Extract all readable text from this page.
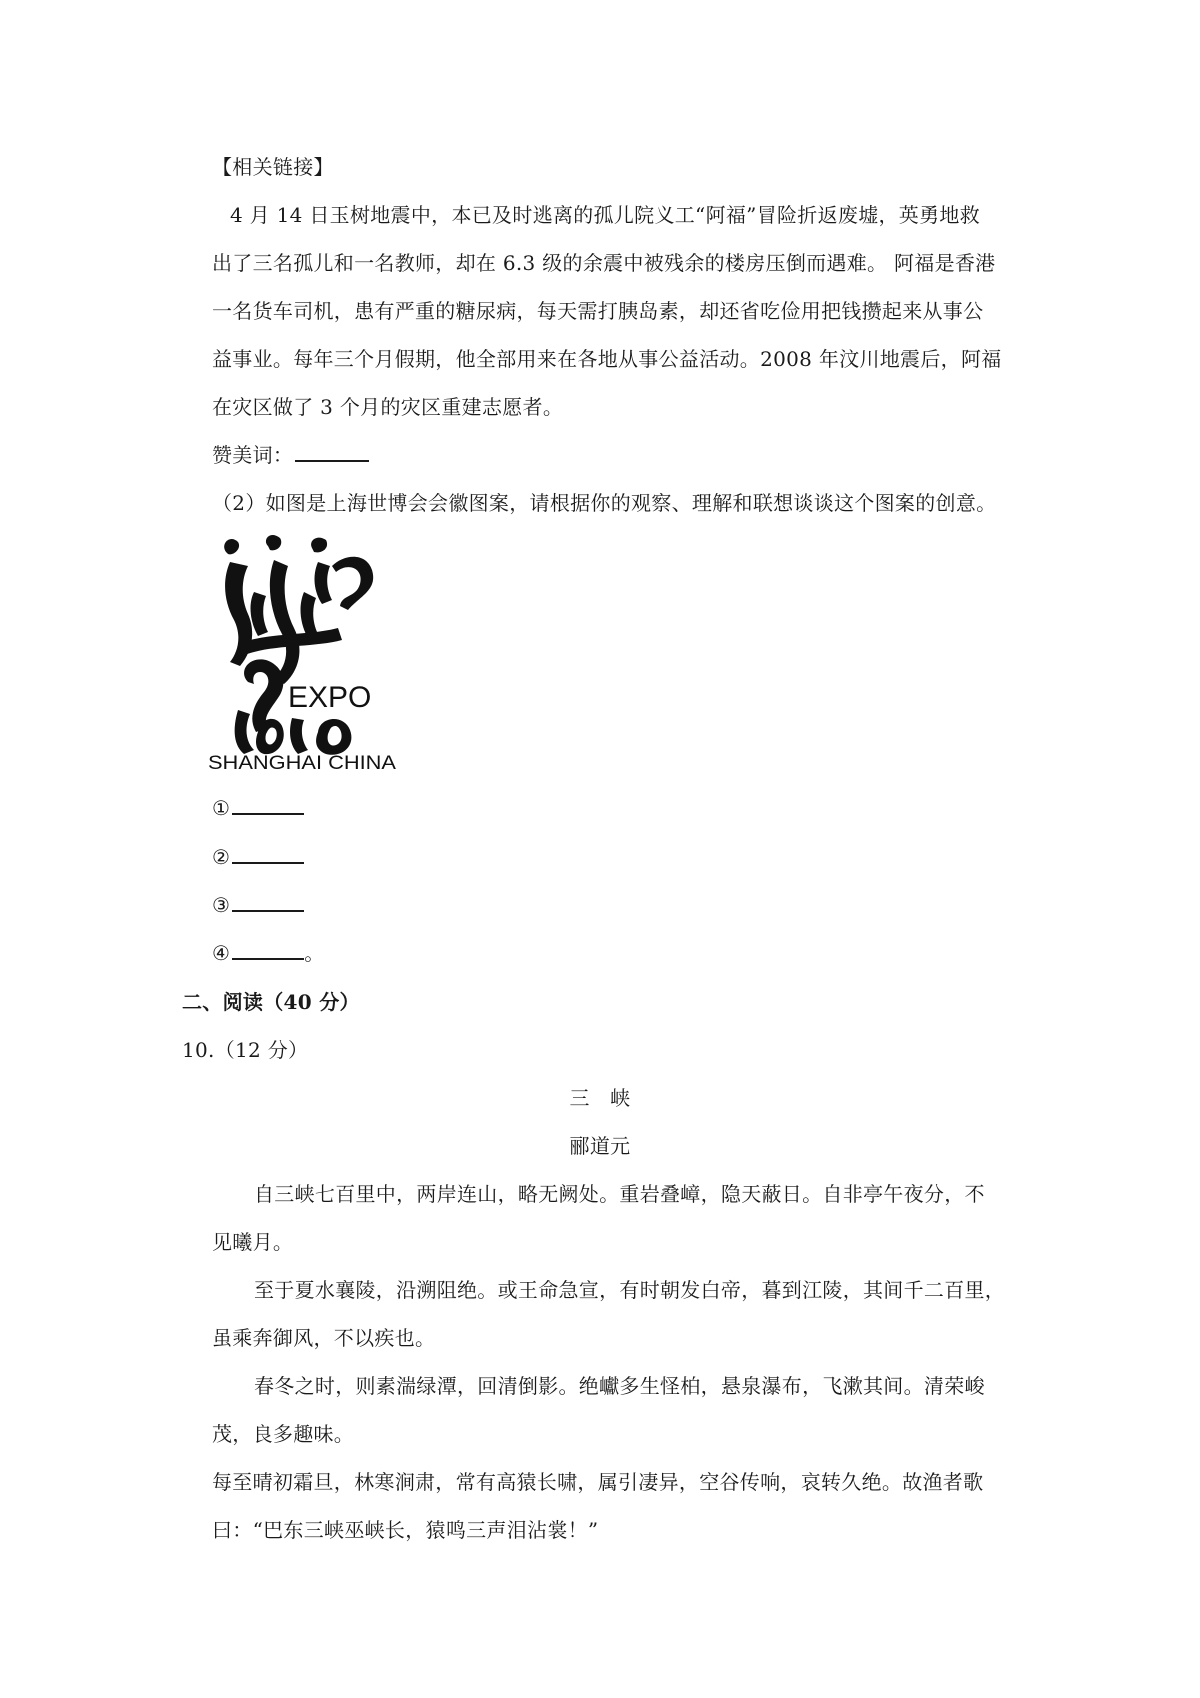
【相关链接】
4 月 14 日玉树地震中，本已及时逃离的孤儿院义工“阿福”冒险折返废墟，英勇地救
出了三名孤儿和一名教师，却在 6.3 级的余震中被残余的楼房压倒而遇难。 阿福是香港
一名货车司机，患有严重的糖尿病，每天需打胰岛素，却还省吃俭用把钱攒起来从事公
益事业。每年三个月假期，他全部用来在各地从事公益活动。2008 年汶川地震后，阿福
在灾区做了 3 个月的灾区重建志愿者。
赞美词：
（2）如图是上海世博会会徽图案，请根据你的观察、理解和联想谈谈这个图案的创意。
EXPO
SHANGHAI CHINA
①
②
③
④	。
二、阅读（40 分）
10.（12 分）
三　峡
郦道元
自三峡七百里中，两岸连山，略无阙处。重岩叠嶂，隐天蔽日。自非亭午夜分，不
见曦月。
至于夏水襄陵，沿溯阻绝。或王命急宣，有时朝发白帝，暮到江陵，其间千二百里，
虽乘奔御风，不以疾也。
春冬之时，则素湍绿潭，回清倒影。绝巘多生怪柏，悬泉瀑布，飞漱其间。清荣峻
茂，良多趣味。
每至晴初霜旦，林寒涧肃，常有高猿长啸，属引凄异，空谷传响，哀转久绝。故渔者歌
曰：“巴东三峡巫峡长，猿鸣三声泪沾裳！”
